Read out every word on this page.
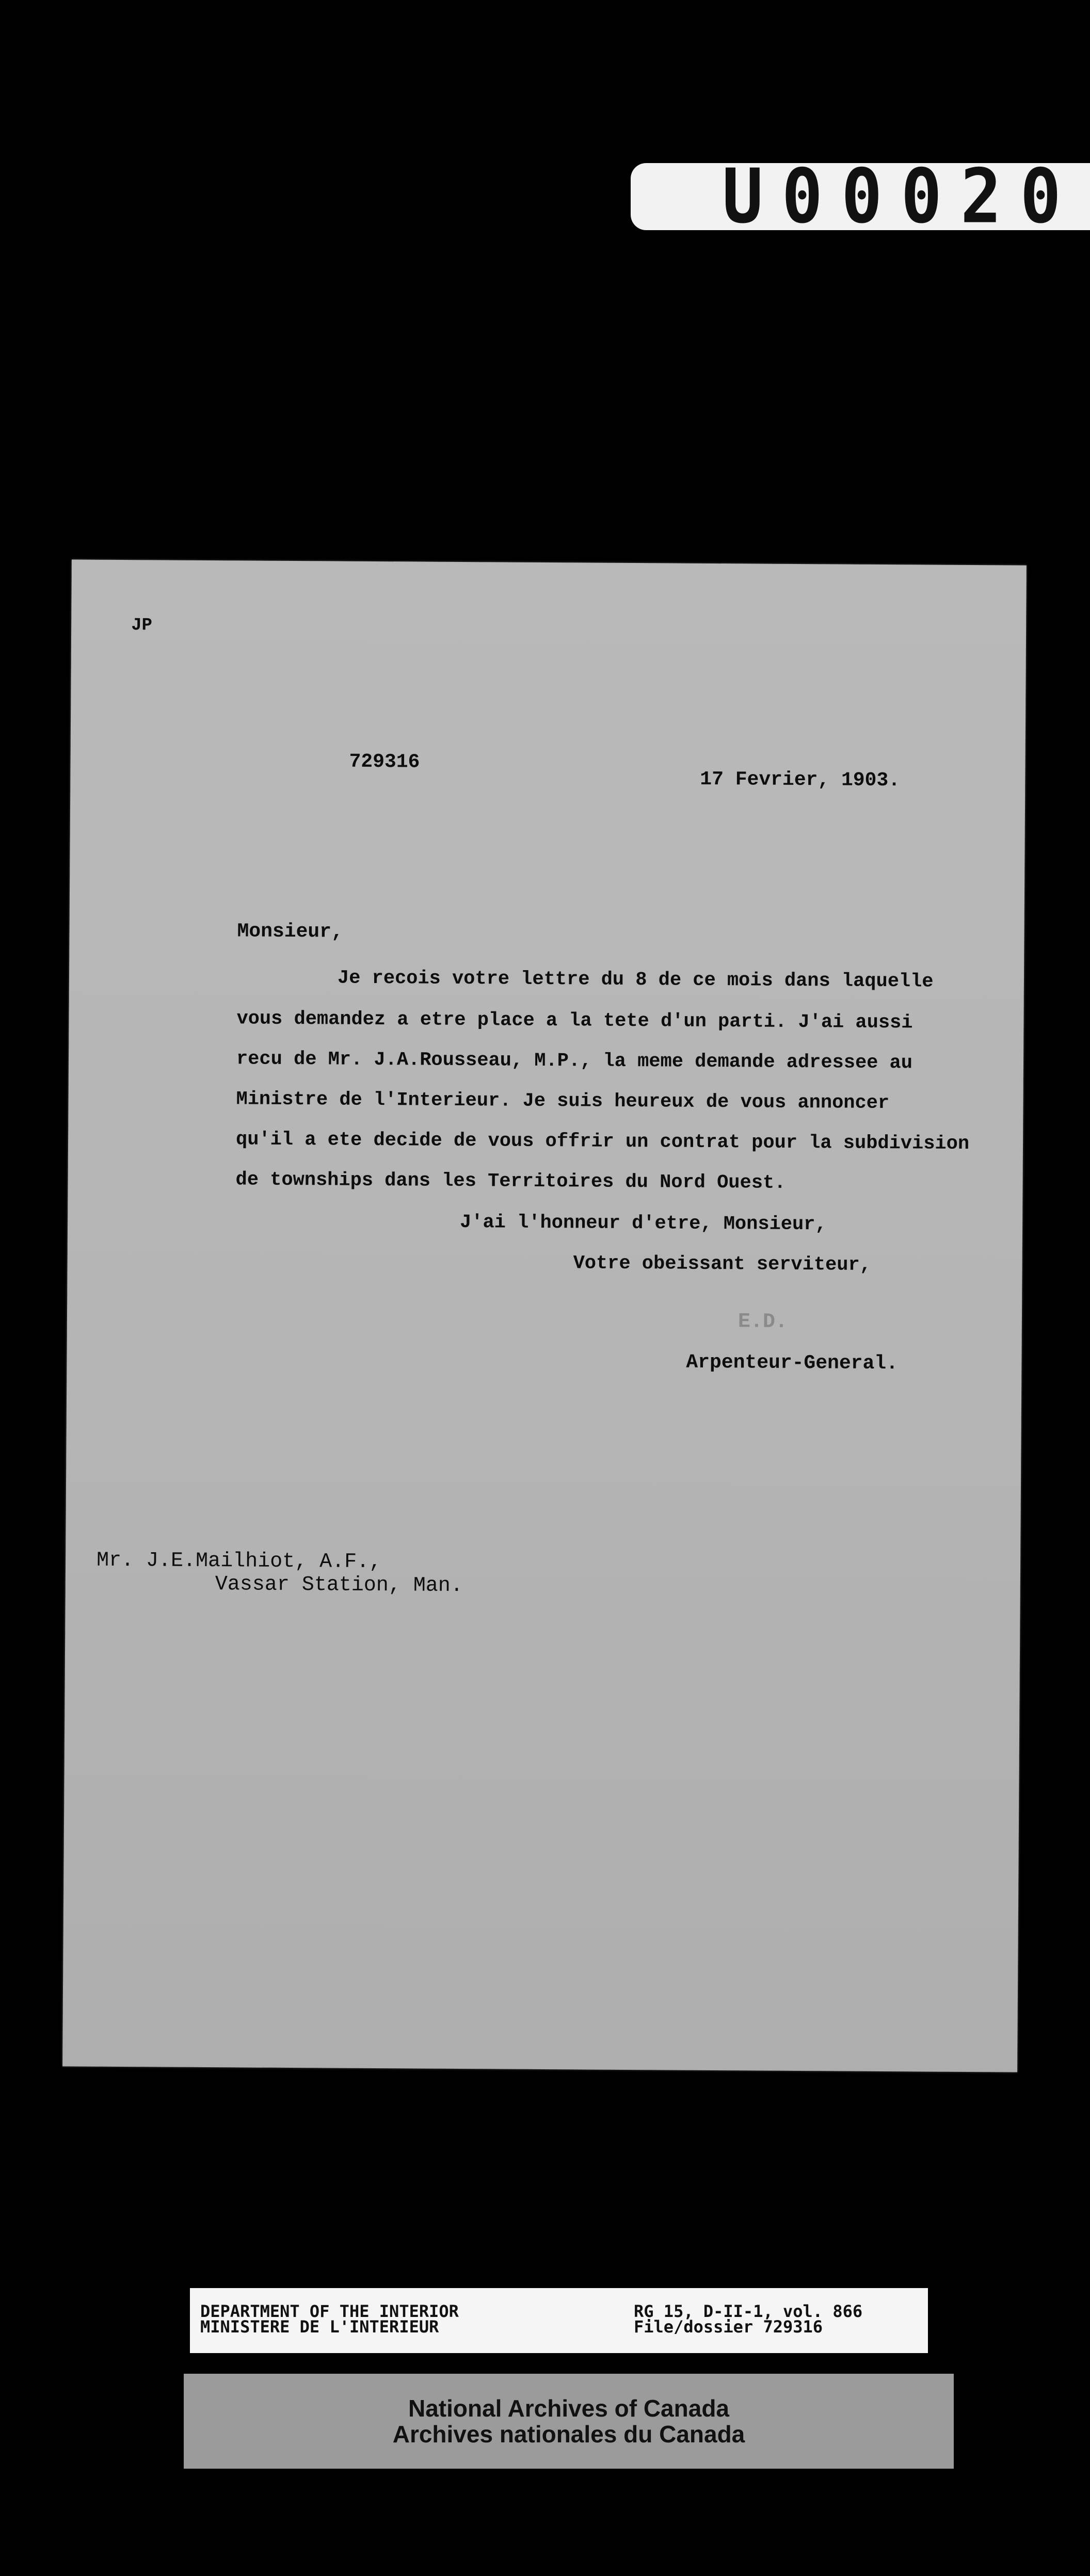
U00020
JP
729316
17 Fevrier, 1903.
Monsieur,
Je recois votre lettre du 8 de ce mois dans laquelle
vous demandez a etre place a la tete d'un parti. J'ai aussi
recu de Mr. J.A.Rousseau, M.P., la meme demande adressee au
Ministre de l'Interieur. Je suis heureux de vous annoncer
qu'il a ete decide de vous offrir un contrat pour la subdivision
de townships dans les Territoires du Nord Ouest.
J'ai l'honneur d'etre, Monsieur,
Votre obeissant serviteur,
E.D.
Arpenteur-General.
Mr. J.E.Mailhiot, A.F.,
Vassar Station, Man.
DEPARTMENT OF THE INTERIOR
MINISTERE DE L'INTERIEUR
RG 15, D-II-1, vol. 866
File/dossier 729316
National Archives of Canada
Archives nationales du Canada
